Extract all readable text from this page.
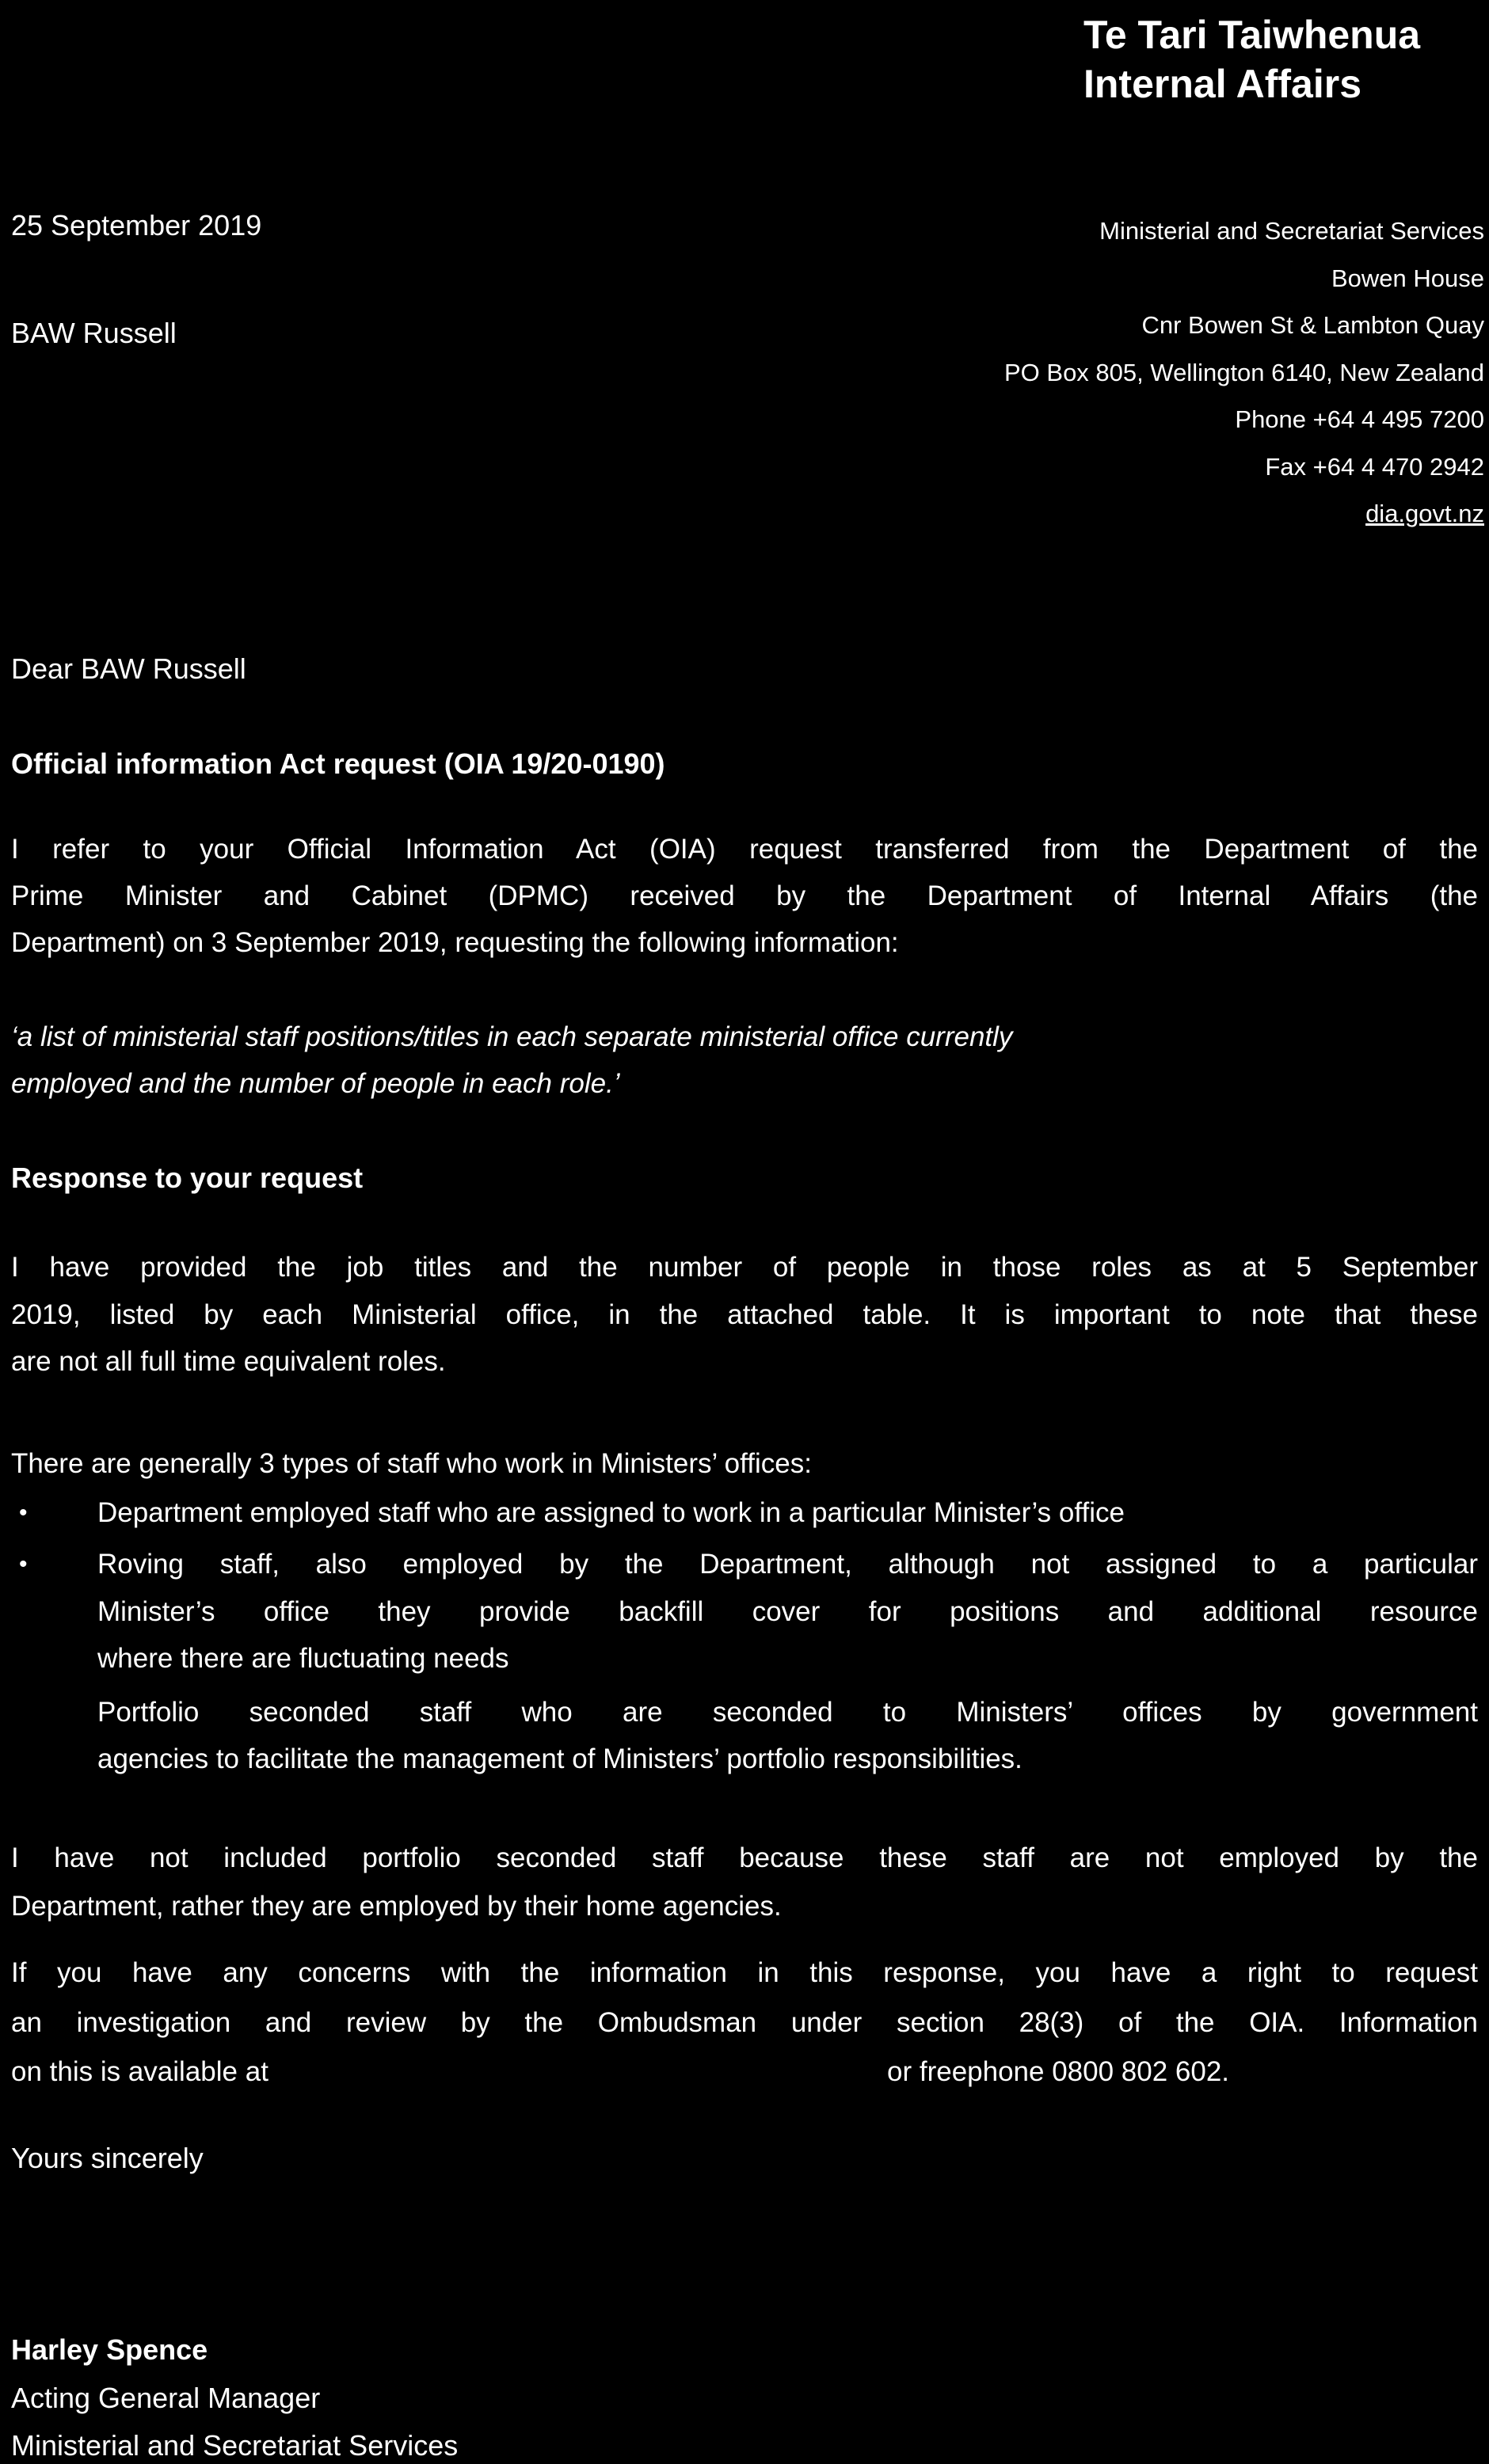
Te Tari Taiwhenua
Internal Affairs
25 September 2019
BAW Russell
Ministerial and Secretariat Services
Bowen House
Cnr Bowen St & Lambton Quay
PO Box 805, Wellington 6140, New Zealand
Phone +64 4 495 7200
Fax +64 4 470 2942
dia.govt.nz
Dear BAW Russell
Official information Act request (OIA 19/20-0190)
I refer to your Official Information Act (OIA) request transferred from the Department of the
Prime Minister and Cabinet (DPMC) received by the Department of Internal Affairs (the
Department) on 3 September 2019, requesting the following information:
‘a list of ministerial staff positions/titles in each separate ministerial office currently
employed and the number of people in each role.’
Response to your request
I have provided the job titles and the number of people in those roles as at 5 September
2019, listed by each Ministerial office, in the attached table. It is important to note that these
are not all full time equivalent roles.
There are generally 3 types of staff who work in Ministers’ offices:
•	Department employed staff who are assigned to work in a particular Minister’s office
•	Roving staff, also employed by the Department, although not assigned to a particular
Minister’s office they provide backfill cover for positions and additional resource
where there are fluctuating needs
Portfolio seconded staff who are seconded to Ministers’ offices by government
agencies to facilitate the management of Ministers’ portfolio responsibilities.
I have not included portfolio seconded staff because these staff are not employed by the
Department, rather they are employed by their home agencies.
If you have any concerns with the information in this response, you have a right to request
an investigation and review by the Ombudsman under section 28(3) of the OIA. Information
on this is available at	or freephone 0800 802 602.
Yours sincerely
Harley Spence
Acting General Manager
Ministerial and Secretariat Services
